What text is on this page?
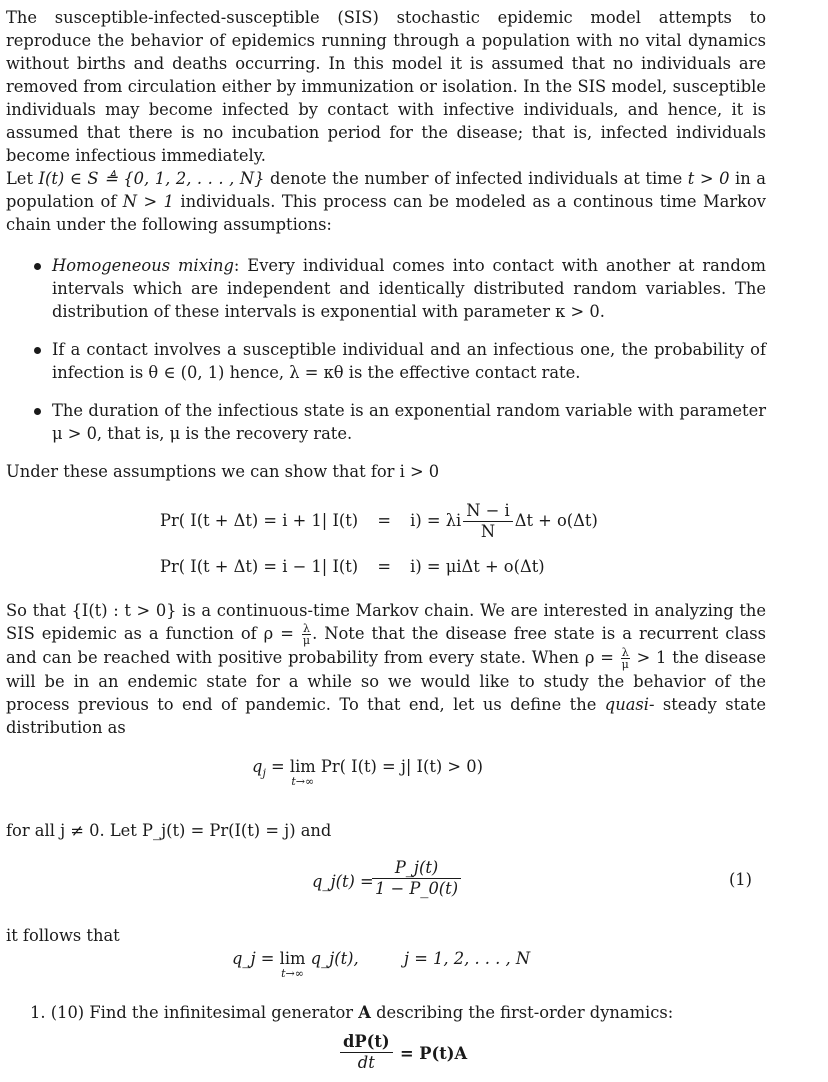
The susceptible-infected-susceptible (SIS) stochastic epidemic model attempts to reproduce the behavior of epidemics running through a population with no vital dynamics without births and deaths occurring. In this model it is assumed that no individuals are removed from circulation either by immunization or isolation. In the SIS model, susceptible individuals may become infected by contact with infective individuals, and hence, it is assumed that there is no incubation period for the disease; that is, infected individuals become infectious immediately.

Let I(t) ∈ S ≜ {0, 1, 2, . . . , N} denote the number of infected individuals at time t > 0 in a population of N > 1 individuals. This process can be modeled as a continous time Markov chain under the following assumptions:

Homogeneous mixing: Every individual comes into contact with another at random intervals which are independent and identically distributed random variables. The distribution of these intervals is exponential with parameter κ > 0.
If a contact involves a susceptible individual and an infectious one, the probability of infection is θ ∈ (0, 1) hence, λ = κθ is the effective contact rate.
The duration of the infectious state is an exponential random variable with parameter μ > 0, that is, μ is the recovery rate.

Under these assumptions we can show that for i > 0

Pr( I(t + Δt) = i + 1| I(t) = i) = λi $\frac{N - i}{N}$ Δt + o(Δt)
Pr( I(t + Δt) = i − 1| I(t) = i) = μiΔt + o(Δt)

So that {I(t) : t > 0} is a continuous-time Markov chain. We are interested in analyzing the SIS epidemic as a function of $\rho = \frac{\lambda}{\mu}$ . Note that the disease free state is a recurrent class and can be reached with positive probability from every state. When $\rho = \frac{\lambda}{\mu} > 1$ the disease will be in an endemic state for a while so we would like to study the behavior of the process previous to end of pandemic. To that end, let us define the quasi- steady state distribution as

$q_j = \lim$
t→∞
Pr( I(t) = j| I(t) > 0)

for all j ≠ 0. Let P_j(t) = Pr(I(t) = j) and

q_j(t) =
$\frac{P\_j(t)}{1 - P\_0(t)}$	(1)

it follows that

q_j = lim
t→∞
q_j(t),	j = 1, 2, . . . , N
1. (10) Find the infinitesimal generator A describing the first-order dynamics:
$\frac{dP(t)}{dt} = P(t)A$
